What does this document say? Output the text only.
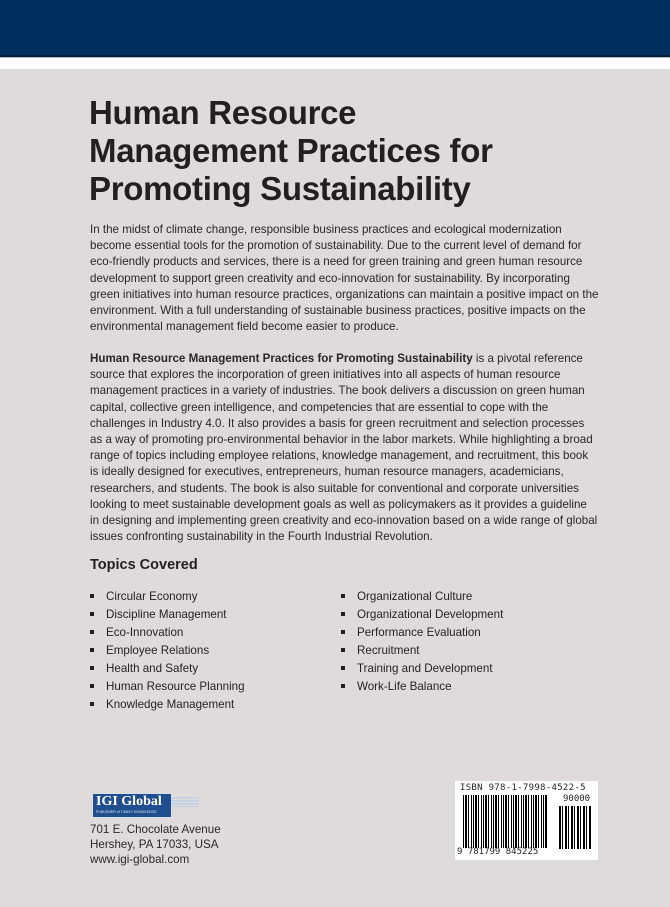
Human Resource
Management Practices for
Promoting Sustainability
In the midst of climate change, responsible business practices and ecological modernization
become essential tools for the promotion of sustainability. Due to the current level of demand for
eco-friendly products and services, there is a need for green training and green human resource
development to support green creativity and eco-innovation for sustainability. By incorporating
green initiatives into human resource practices, organizations can maintain a positive impact on the
environment. With a full understanding of sustainable business practices, positive impacts on the
environmental management field become easier to produce.
Human Resource Management Practices for Promoting Sustainability is a pivotal reference
source that explores the incorporation of green initiatives into all aspects of human resource
management practices in a variety of industries. The book delivers a discussion on green human
capital, collective green intelligence, and competencies that are essential to cope with the
challenges in Industry 4.0. It also provides a basis for green recruitment and selection processes
as a way of promoting pro-environmental behavior in the labor markets. While highlighting a broad
range of topics including employee relations, knowledge management, and recruitment, this book
is ideally designed for executives, entrepreneurs, human resource managers, academicians,
researchers, and students. The book is also suitable for conventional and corporate universities
looking to meet sustainable development goals as well as policymakers as it provides a guideline
in designing and implementing green creativity and eco-innovation based on a wide range of global
issues confronting sustainability in the Fourth Industrial Revolution.
Topics Covered
Circular Economy
Discipline Management
Eco-Innovation
Employee Relations
Health and Safety
Human Resource Planning
Knowledge Management
Organizational Culture
Organizational Development
Performance Evaluation
Recruitment
Training and Development
Work-Life Balance
IGI Global
PUBLISHER of TIMELY KNOWLEDGE
701 E. Chocolate Avenue
Hershey, PA 17033, USA
www.igi-global.com
ISBN 978-1-7998-4522-5
90000
9 781799 845225
